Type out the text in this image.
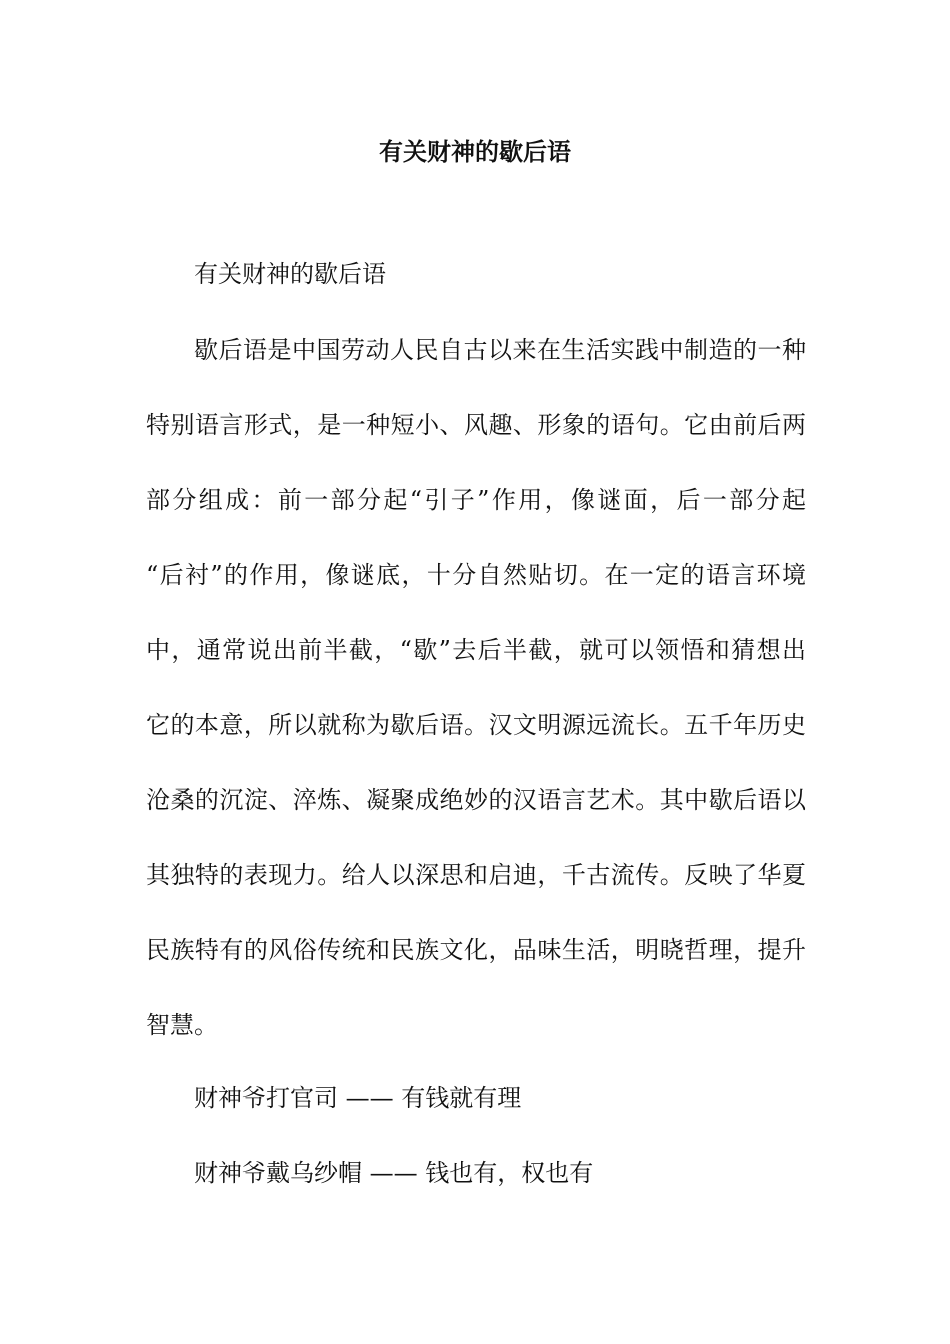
有关财神的歇后语

有关财神的歇后语

歇后语是中国劳动人民自古以来在生活实践中制造的一种

特别语言形式，是一种短小、风趣、形象的语句。它由前后两

部分组成：前一部分起“引子”作用，像谜面，后一部分起

“后衬”的作用，像谜底，十分自然贴切。在一定的语言环境

中，通常说出前半截，“歇”去后半截，就可以领悟和猜想出

它的本意，所以就称为歇后语。汉文明源远流长。五千年历史

沧桑的沉淀、淬炼、凝聚成绝妙的汉语言艺术。其中歇后语以

其独特的表现力。给人以深思和启迪，千古流传。反映了华夏

民族特有的风俗传统和民族文化，品味生活，明晓哲理，提升

智慧。

财神爷打官司 —— 有钱就有理

财神爷戴乌纱帽 —— 钱也有，权也有
